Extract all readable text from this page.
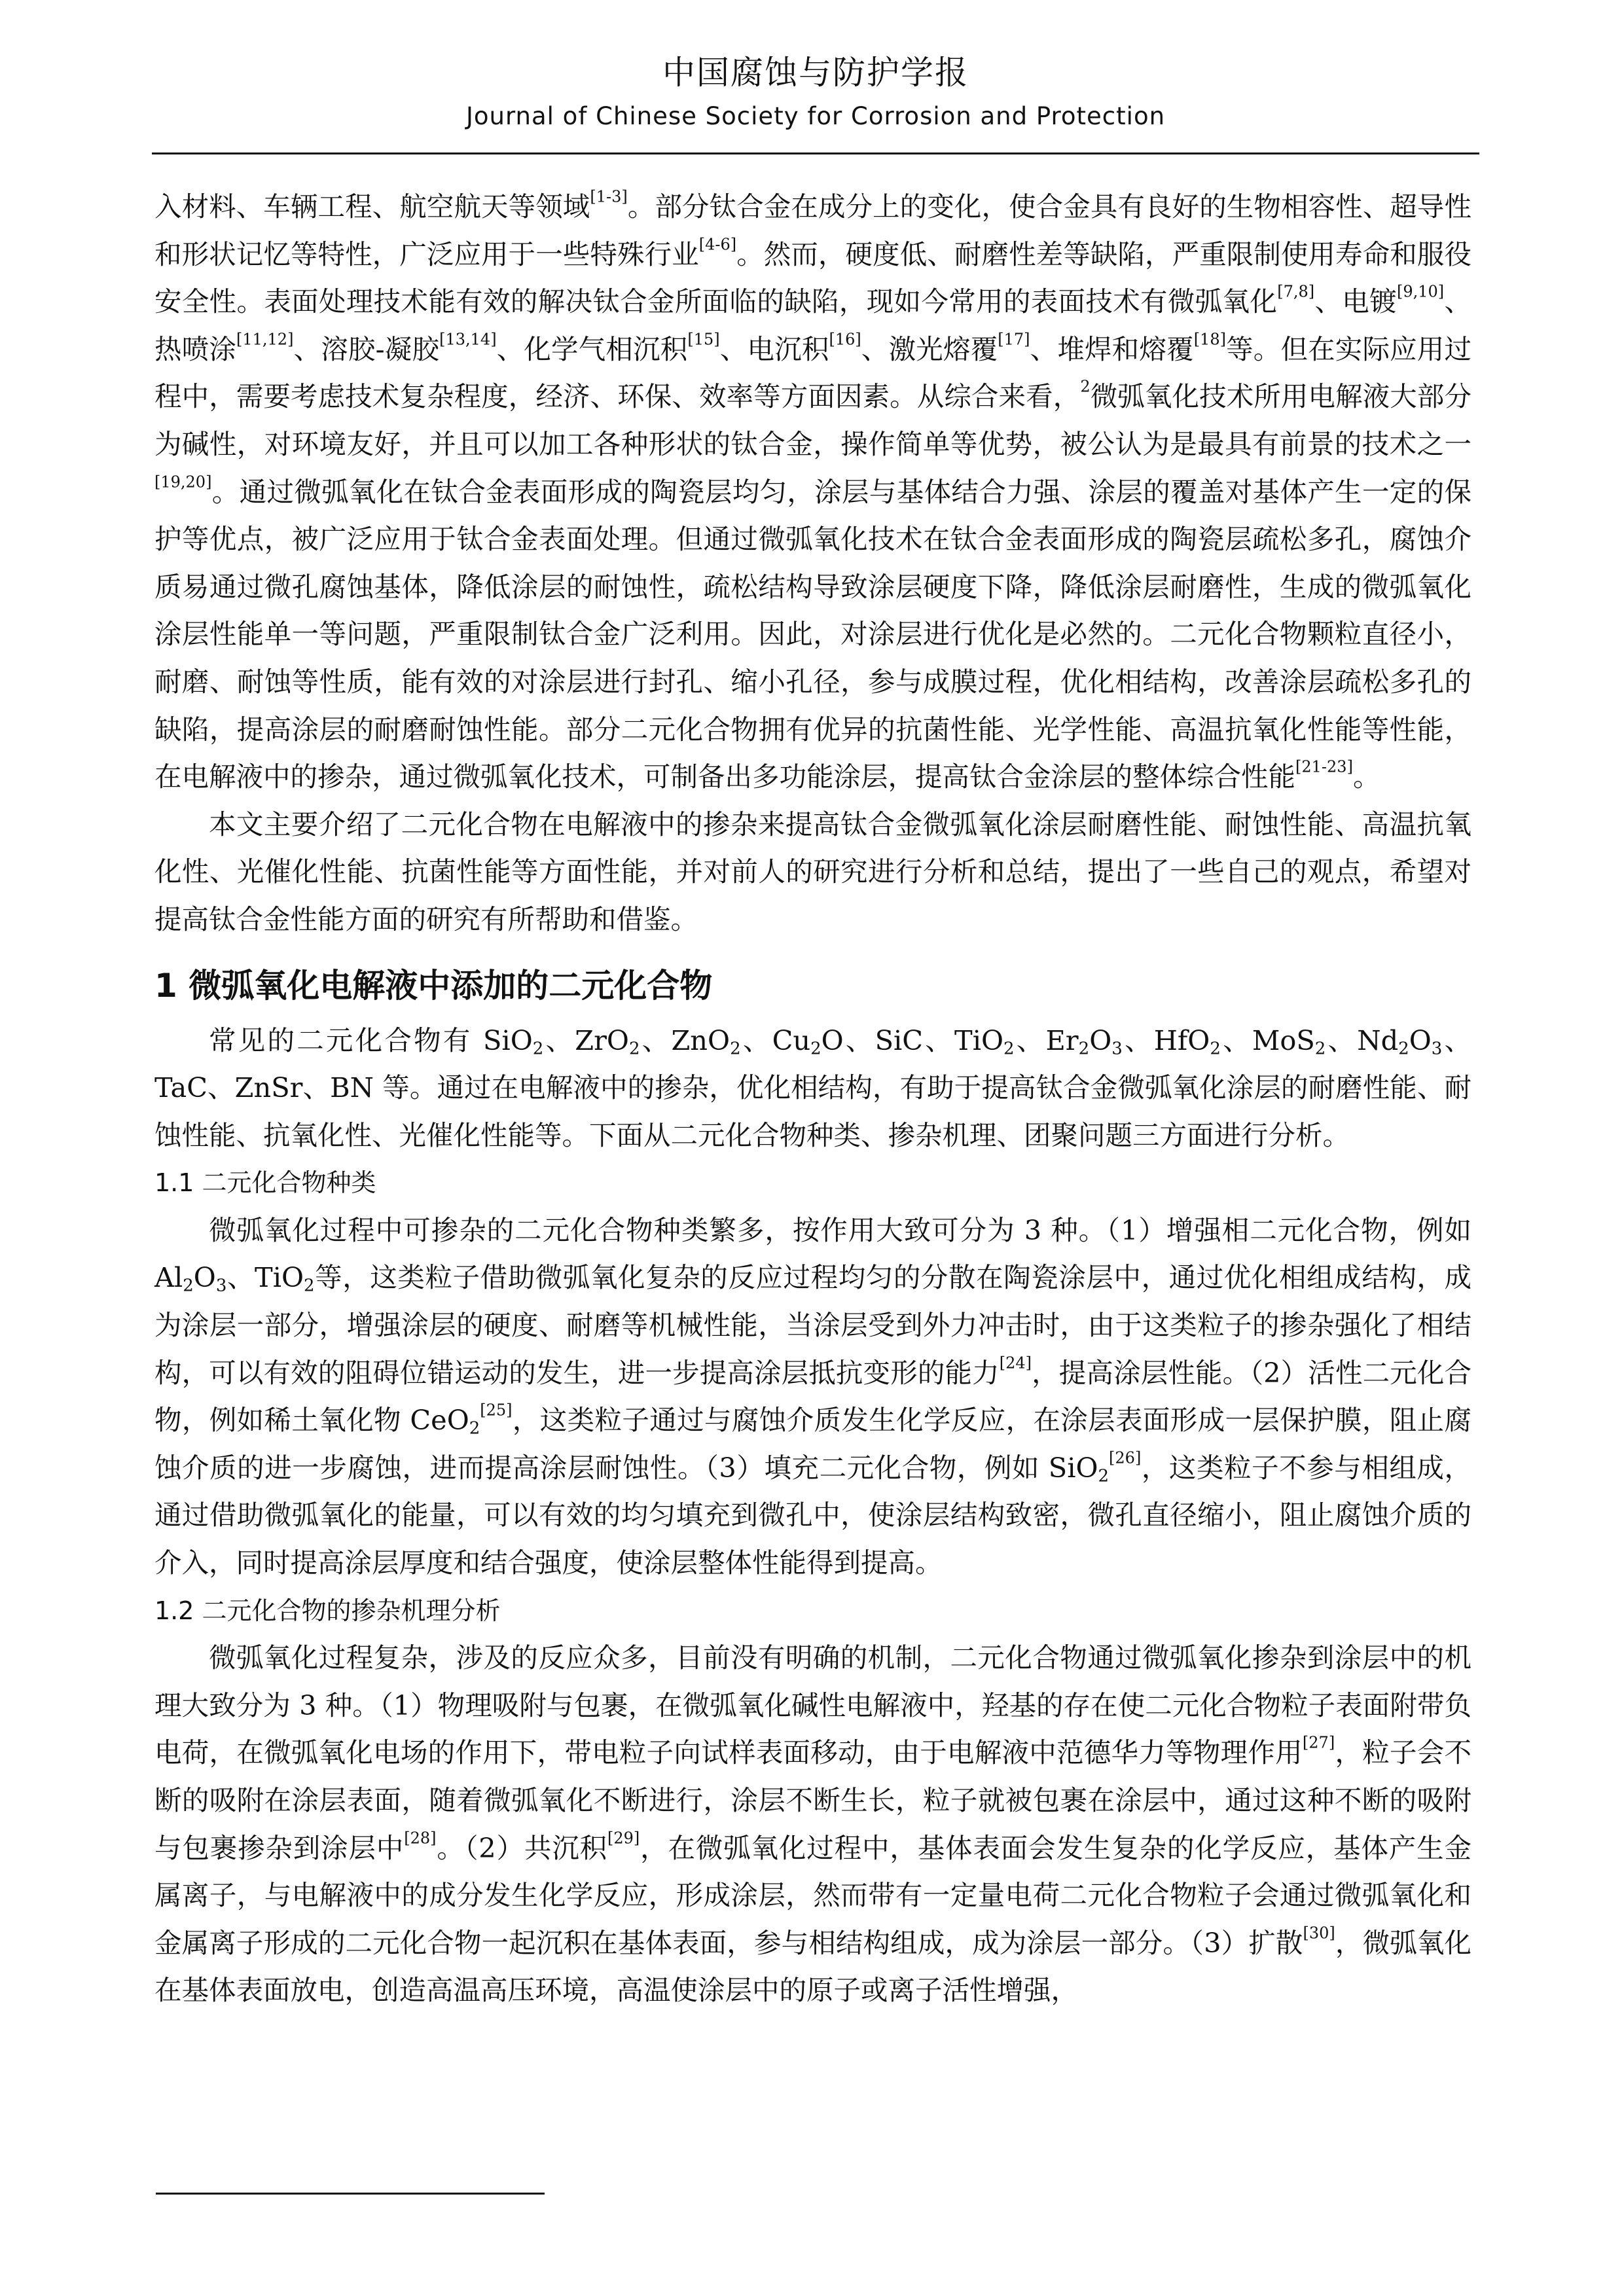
中国腐蚀与防护学报
Journal of Chinese Society for Corrosion and Protection

入材料、车辆工程、航空航天等领域[1-3]。部分钛合金在成分上的变化，使合金具有良好的生物相容性、超导性和形状记忆等特性，广泛应用于一些特殊行业[4-6]。然而，硬度低、耐磨性差等缺陷，严重限制使用寿命和服役安全性。表面处理技术能有效的解决钛合金所面临的缺陷，现如今常用的表面技术有微弧氧化[7,8]、电镀[9,10]、热喷涂[11,12]、溶胶-凝胶[13,14]、化学气相沉积[15]、电沉积[16]、激光熔覆[17]、堆焊和熔覆[18]等。但在实际应用过程中，需要考虑技术复杂程度，经济、环保、效率等方面因素。从综合来看，$^2$微弧氧化技术所用电解液大部分为碱性，对环境友好，并且可以加工各种形状的钛合金，操作简单等优势，被公认为是最具有前景的技术之一[19,20]。通过微弧氧化在钛合金表面形成的陶瓷层均匀，涂层与基体结合力强、涂层的覆盖对基体产生一定的保护等优点，被广泛应用于钛合金表面处理。但通过微弧氧化技术在钛合金表面形成的陶瓷层疏松多孔，腐蚀介质易通过微孔腐蚀基体，降低涂层的耐蚀性，疏松结构导致涂层硬度下降，降低涂层耐磨性，生成的微弧氧化涂层性能单一等问题，严重限制钛合金广泛利用。因此，对涂层进行优化是必然的。二元化合物颗粒直径小，耐磨、耐蚀等性质，能有效的对涂层进行封孔、缩小孔径，参与成膜过程，优化相结构，改善涂层疏松多孔的缺陷，提高涂层的耐磨耐蚀性能。部分二元化合物拥有优异的抗菌性能、光学性能、高温抗氧化性能等性能，在电解液中的掺杂，通过微弧氧化技术，可制备出多功能涂层，提高钛合金涂层的整体综合性能[21-23]。

本文主要介绍了二元化合物在电解液中的掺杂来提高钛合金微弧氧化涂层耐磨性能、耐蚀性能、高温抗氧化性、光催化性能、抗菌性能等方面性能，并对前人的研究进行分析和总结，提出了一些自己的观点，希望对提高钛合金性能方面的研究有所帮助和借鉴。

1 微弧氧化电解液中添加的二元化合物

常见的二元化合物有 SiO$_2$、ZrO$_2$、ZnO$_2$、$Cu_2O$、SiC、TiO$_2$、$Er_2O_3$、HfO$_2$、MoS$_2$、$Nd_2O_3$、TaC、ZnSr、BN 等。通过在电解液中的掺杂，优化相结构，有助于提高钛合金微弧氧化涂层的耐磨性能、耐蚀性能、抗氧化性、光催化性能等。下面从二元化合物种类、掺杂机理、团聚问题三方面进行分析。

1.1 二元化合物种类

微弧氧化过程中可掺杂的二元化合物种类繁多，按作用大致可分为 3 种。（1）增强相二元化合物，例如 $Al_2O_3$、TiO$_2$等，这类粒子借助微弧氧化复杂的反应过程均匀的分散在陶瓷涂层中，通过优化相组成结构，成为涂层一部分，增强涂层的硬度、耐磨等机械性能，当涂层受到外力冲击时，由于这类粒子的掺杂强化了相结构，可以有效的阻碍位错运动的发生，进一步提高涂层抵抗变形的能力[24]，提高涂层性能。（2）活性二元化合物，例如稀土氧化物 CeO$_2$[25]，这类粒子通过与腐蚀介质发生化学反应，在涂层表面形成一层保护膜，阻止腐蚀介质的进一步腐蚀，进而提高涂层耐蚀性。（3）填充二元化合物，例如 SiO$_2$[26]，这类粒子不参与相组成，通过借助微弧氧化的能量，可以有效的均匀填充到微孔中，使涂层结构致密，微孔直径缩小，阻止腐蚀介质的介入，同时提高涂层厚度和结合强度，使涂层整体性能得到提高。

1.2 二元化合物的掺杂机理分析

微弧氧化过程复杂，涉及的反应众多，目前没有明确的机制，二元化合物通过微弧氧化掺杂到涂层中的机理大致分为 3 种。（1）物理吸附与包裹，在微弧氧化碱性电解液中，羟基的存在使二元化合物粒子表面附带负电荷，在微弧氧化电场的作用下，带电粒子向试样表面移动，由于电解液中范德华力等物理作用[27]，粒子会不断的吸附在涂层表面，随着微弧氧化不断进行，涂层不断生长，粒子就被包裹在涂层中，通过这种不断的吸附与包裹掺杂到涂层中[28]。（2）共沉积[29]，在微弧氧化过程中，基体表面会发生复杂的化学反应，基体产生金属离子，与电解液中的成分发生化学反应，形成涂层，然而带有一定量电荷二元化合物粒子会通过微弧氧化和金属离子形成的二元化合物一起沉积在基体表面，参与相结构组成，成为涂层一部分。（3）扩散[30]，微弧氧化在基体表面放电，创造高温高压环境，高温使涂层中的原子或离子活性增强，
